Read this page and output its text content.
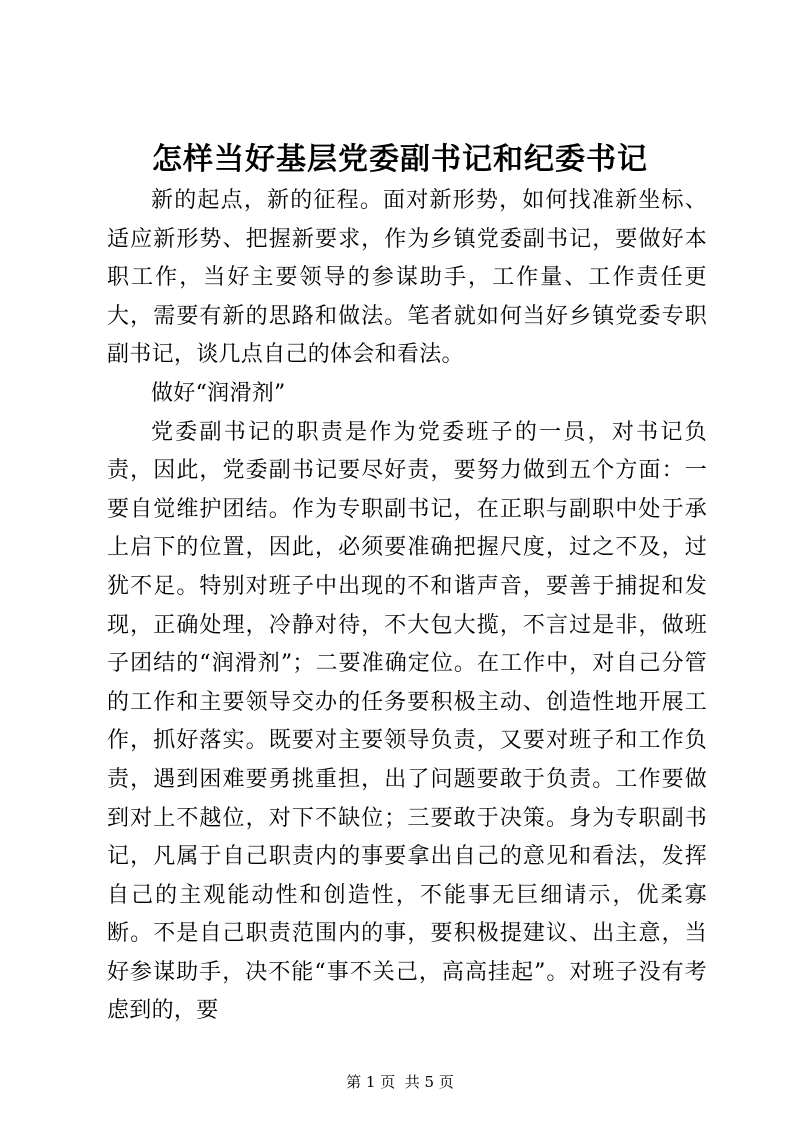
怎样当好基层党委副书记和纪委书记

新的起点，新的征程。面对新形势，如何找准新坐标、适应新形势、把握新要求，作为乡镇党委副书记，要做好本职工作，当好主要领导的参谋助手，工作量、工作责任更大，需要有新的思路和做法。笔者就如何当好乡镇党委专职副书记，谈几点自己的体会和看法。

做好“润滑剂”

党委副书记的职责是作为党委班子的一员，对书记负责，因此，党委副书记要尽好责，要努力做到五个方面：一要自觉维护团结。作为专职副书记，在正职与副职中处于承上启下的位置，因此，必须要准确把握尺度，过之不及，过犹不足。特别对班子中出现的不和谐声音，要善于捕捉和发现，正确处理，冷静对待，不大包大揽，不言过是非，做班子团结的“润滑剂”；二要准确定位。在工作中，对自己分管的工作和主要领导交办的任务要积极主动、创造性地开展工作，抓好落实。既要对主要领导负责，又要对班子和工作负责，遇到困难要勇挑重担，出了问题要敢于负责。工作要做到对上不越位，对下不缺位；三要敢于决策。身为专职副书记，凡属于自己职责内的事要拿出自己的意见和看法，发挥自己的主观能动性和创造性，不能事无巨细请示，优柔寡断。不是自己职责范围内的事，要积极提建议、出主意，当好参谋助手，决不能“事不关己，高高挂起”。对班子没有考虑到的，要

第 1 页  共 5 页
